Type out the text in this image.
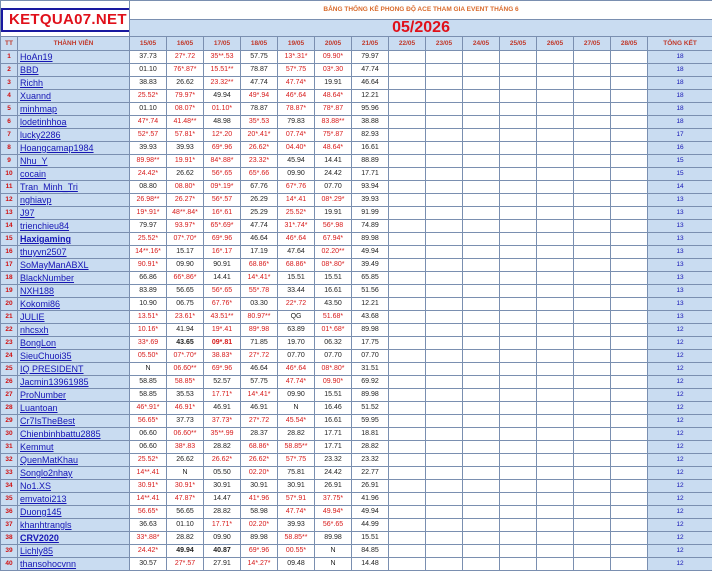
KETQUA07.NET		BẢNG THỐNG KÊ PHONG ĐỘ ACE THAM GIA EVENT THÁNG 6														
		05/2026														
TT	THÀNH VIÊN	15/05	16/05	17/05	18/05	19/05	20/05	21/05	22/05	23/05	24/05	25/05	26/05	27/05	28/05	TỔNG KẾT
1	HoAn19	37.73	27*.72	35**.53	57.75	13*.31*	09.90*	79.97								18
2	BBD	01.10	76*.87*	15.51**	78.87	57*.75	03*.30	47.74								18
3	Richh	38.83	26.62	23.32**	47.74	47.74*	19.91	46.64								18
4	Xuannd	25.52*	79.97*	49.94	49*.94	46*.64	48.64*	12.21								18
5	minhmap	01.10	08.07*	01.10*	78.87	78.87*	78*.87	95.96								18
6	lodetinhhoa	47*.74	41.48**	48.98	35*.53	79.83	83.88**	38.88								18
7	lucky2286	52*.57	57.81*	12*.20	20*.41*	07.74*	75*.87	82.93								17
8	Hoangcamap1984	39.93	39.93	69*.96	26.62*	04.40*	48.64*	16.61								16
9	Nhu_Y	89.98**	19.91*	84*.88*	23.32*	45.94	14.41	88.89								15
10	cocain	24.42*	26.62	56*.65	65*.66	09.90	24.42	17.71								15
11	Tran_Minh_Tri	08.80	08.80*	09*.19*	67.76	67*.76	07.70	93.94								14
12	nghiavp	26.98**	26.27*	56*.57	26.29	14*.41	08*.29*	39.93								13
13	J97	19*.91*	48**.84*	16*.61	25.29	25.52*	19.91	91.99								13
14	trienchieu84	79.97	93.97*	65*.69*	47.74	31*.74*	56*.98	74.89								13
15	Haxigaming	25.52*	07*.70*	69*.96	46.64	46*.64	67.94*	89.98								13
16	thuyvn2507	14**.16*	15.17	16*.17	17.19	47.64	02.20**	49.94								13
17	SoMayManABXL	90.91*	09.90	90.91	68.86*	68.86*	08*.80*	39.49								13
18	BlackNumber	66.86	66*.86*	14.41	14*.41*	15.51	15.51	65.85								13
19	NXH188	83.89	56.65	56*.65	55*.78	33.44	16.61	51.56								13
20	Kokomi86	10.90	06.75	67.76*	03.30	22*.72	43.50	12.21								13
21	JULIE	13.51*	23.61*	43.51**	80.97**	QG	51.68*	43.68								13
22	nhcsxh	10.16*	41.94	19*.41	89*.98	63.89	01*.68*	89.98								12
23	BongLon	33*.69	43.65	09*.81	71.85	19.70	06.32	17.75								12
24	SieuChuoi35	05.50*	07*.70*	38.83*	27*.72	07.70	07.70	07.70								12
25	IQ PRESIDENT	N	06.60**	69*.96	46.64	46*.64	08*.80*	31.51								12
26	Jacmin13961985	58.85	58.85*	52.57	57.75	47.74*	09.90*	69.92								12
27	ProNumber	58.85	35.53	17.71*	14*.41*	09.90	15.51	89.98								12
28	Luantoan	46*.91*	46.91*	46.91	46.91	N	16.46	51.52								12
29	Cr7IsTheBest	56.65*	37.73	37.73*	27*.72	45.54*	16.61	59.95								12
30	Chienbinhbattu2885	06.60	06.60**	35**.99	28.37	28.82	17.71	18.81								12
31	Kemmut	06.60	38*.83	28.82	68.86*	58.85**	17.71	28.82								12
32	QuenMatKhau	25.52*	26.62	26.62*	26.62*	57*.75	23.32	23.32								12
33	Songlo2nhay	14**.41	N	05.50	02.20*	75.81	24.42	22.77								12
34	No1.XS	30.91*	30.91*	30.91	30.91	30.91	26.91	26.91								12
35	emvatoi213	14**.41	47.87*	14.47	41*.96	57*.91	37.75*	41.96								12
36	Duong145	56.65*	56.65	28.82	58.98	47.74*	49.94*	49.94								12
37	khanhtrangls	36.63	01.10	17.71*	02.20*	39.93	56*.65	44.99								12
38	CRV2020	33*.88*	28.82	09.90	89.98	58.85**	89.98	15.51								12
39	Lichly85	24.42*	49.94	40.87	69*.96	00.55*	N	84.85								12
40	thansohocvnn	30.57	27*.57	27.91	14*.27*	09.48	N	14.48								12
